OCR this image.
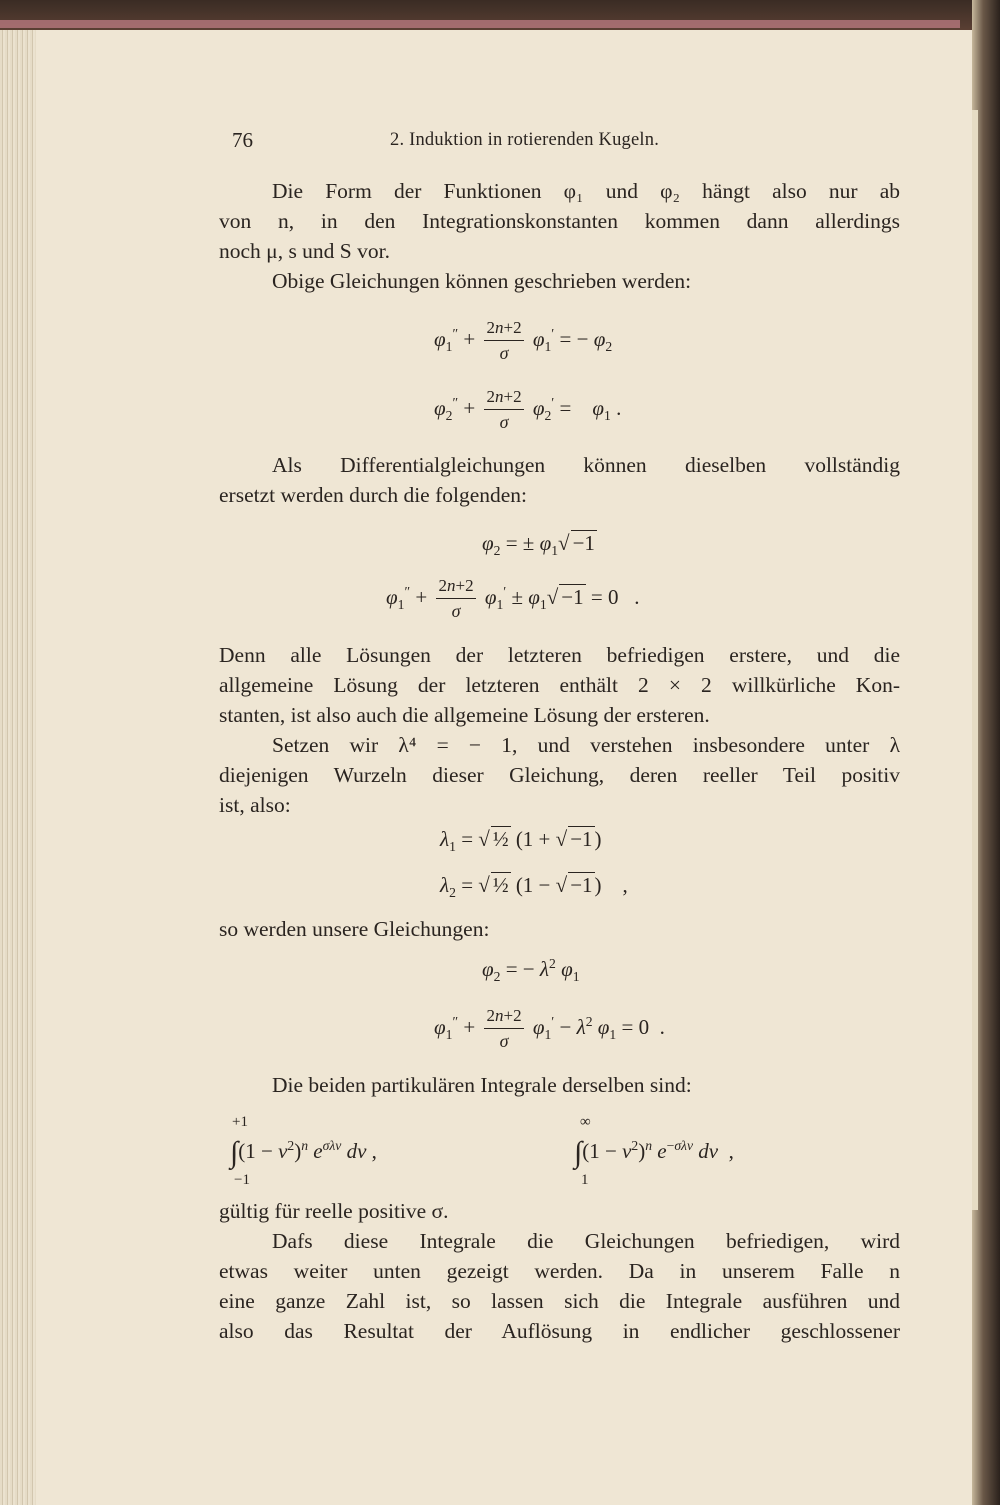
76	2. Induktion in rotierenden Kugeln.
Die Form der Funktionen φ₁ und φ₂ hängt also nur ab
von n, in den Integrationskonstanten kommen dann allerdings
noch μ, s und S vor.
Obige Gleichungen können geschrieben werden:
$\varphi_1'' + \frac{2n+2}{\sigma} \varphi_1'$ = − $\varphi_2$
$\varphi_2'' + \frac{2n+2}{\sigma} \varphi_2'$ =    $\varphi_1$ .
Als Differentialgleichungen können dieselben vollständig
ersetzt werden durch die folgenden:
$\varphi_2$ = ± $\varphi_1√ -1$
$\varphi_1'' + \frac{2n+2}{\sigma} \varphi_1' \pm \varphi_1√ -1 = 0$   .
Denn alle Lösungen der letzteren befriedigen erstere, und die
allgemeine Lösung der letzteren enthält 2 × 2 willkürliche Kon-
stanten, ist also auch die allgemeine Lösung der ersteren.
Setzen wir λ⁴ = − 1, und verstehen insbesondere unter λ
diejenigen Wurzeln dieser Gleichung, deren reeller Teil positiv
ist, also:
$\lambda_1$ = √ ½ (1 + √ −1)
$\lambda_2$ = √ ½ (1 − √ −1)    ,
so werden unsere Gleichungen:
$\varphi_2$ = − $\lambda^2$ $\varphi_1$
$\varphi_1'' + \frac{2n+2}{\sigma} \varphi_1' - \lambda^2$ $\varphi_1 = 0$  .
Die beiden partikulären Integrale derselben sind:
+1
$\int(1 - v^2)^n$ $e^{\sigma\lambda v}$ dv ,
−1
∞
$\int(1 - v^2)^n$ $e^{-\sigma\lambda v}$ dv  ,
1
gültig für reelle positive σ.
Dafs diese Integrale die Gleichungen befriedigen, wird
etwas weiter unten gezeigt werden. Da in unserem Falle n
eine ganze Zahl ist, so lassen sich die Integrale ausführen und
also das Resultat der Auflösung in endlicher geschlossener
